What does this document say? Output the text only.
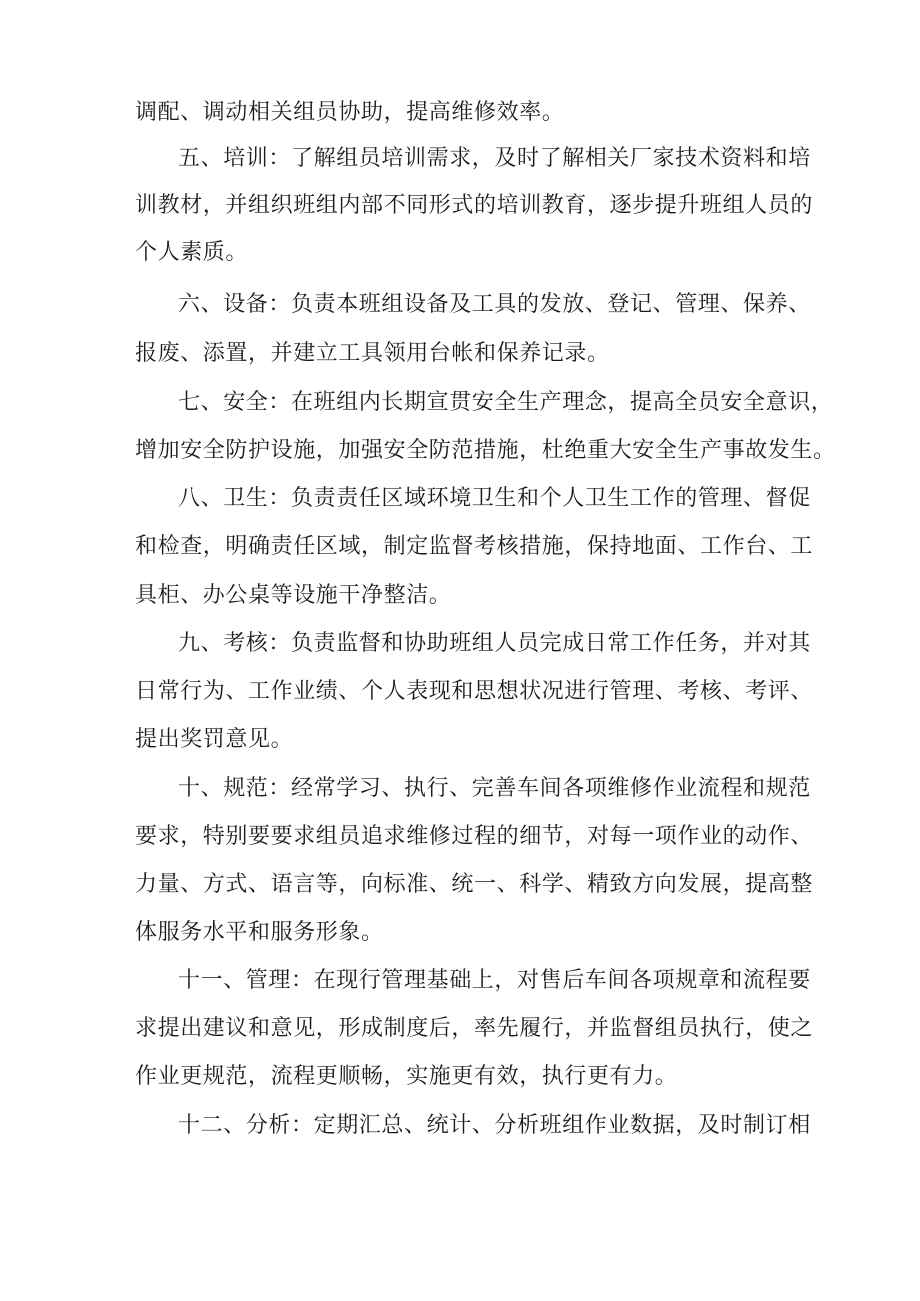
调配、调动相关组员协助，提高维修效率。
五、培训：了解组员培训需求，及时了解相关厂家技术资料和培
训教材，并组织班组内部不同形式的培训教育，逐步提升班组人员的
个人素质。
六、设备：负责本班组设备及工具的发放、登记、管理、保养、
报废、添置，并建立工具领用台帐和保养记录。
七、安全：在班组内长期宣贯安全生产理念，提高全员安全意识，
增加安全防护设施，加强安全防范措施，杜绝重大安全生产事故发生。
八、卫生：负责责任区域环境卫生和个人卫生工作的管理、督促
和检查，明确责任区域，制定监督考核措施，保持地面、工作台、工
具柜、办公桌等设施干净整洁。
九、考核：负责监督和协助班组人员完成日常工作任务，并对其
日常行为、工作业绩、个人表现和思想状况进行管理、考核、考评、
提出奖罚意见。
十、规范：经常学习、执行、完善车间各项维修作业流程和规范
要求，特别要要求组员追求维修过程的细节，对每一项作业的动作、
力量、方式、语言等，向标准、统一、科学、精致方向发展，提高整
体服务水平和服务形象。
十一、管理：在现行管理基础上，对售后车间各项规章和流程要
求提出建议和意见，形成制度后，率先履行，并监督组员执行，使之
作业更规范，流程更顺畅，实施更有效，执行更有力。
十二、分析：定期汇总、统计、分析班组作业数据，及时制订相
